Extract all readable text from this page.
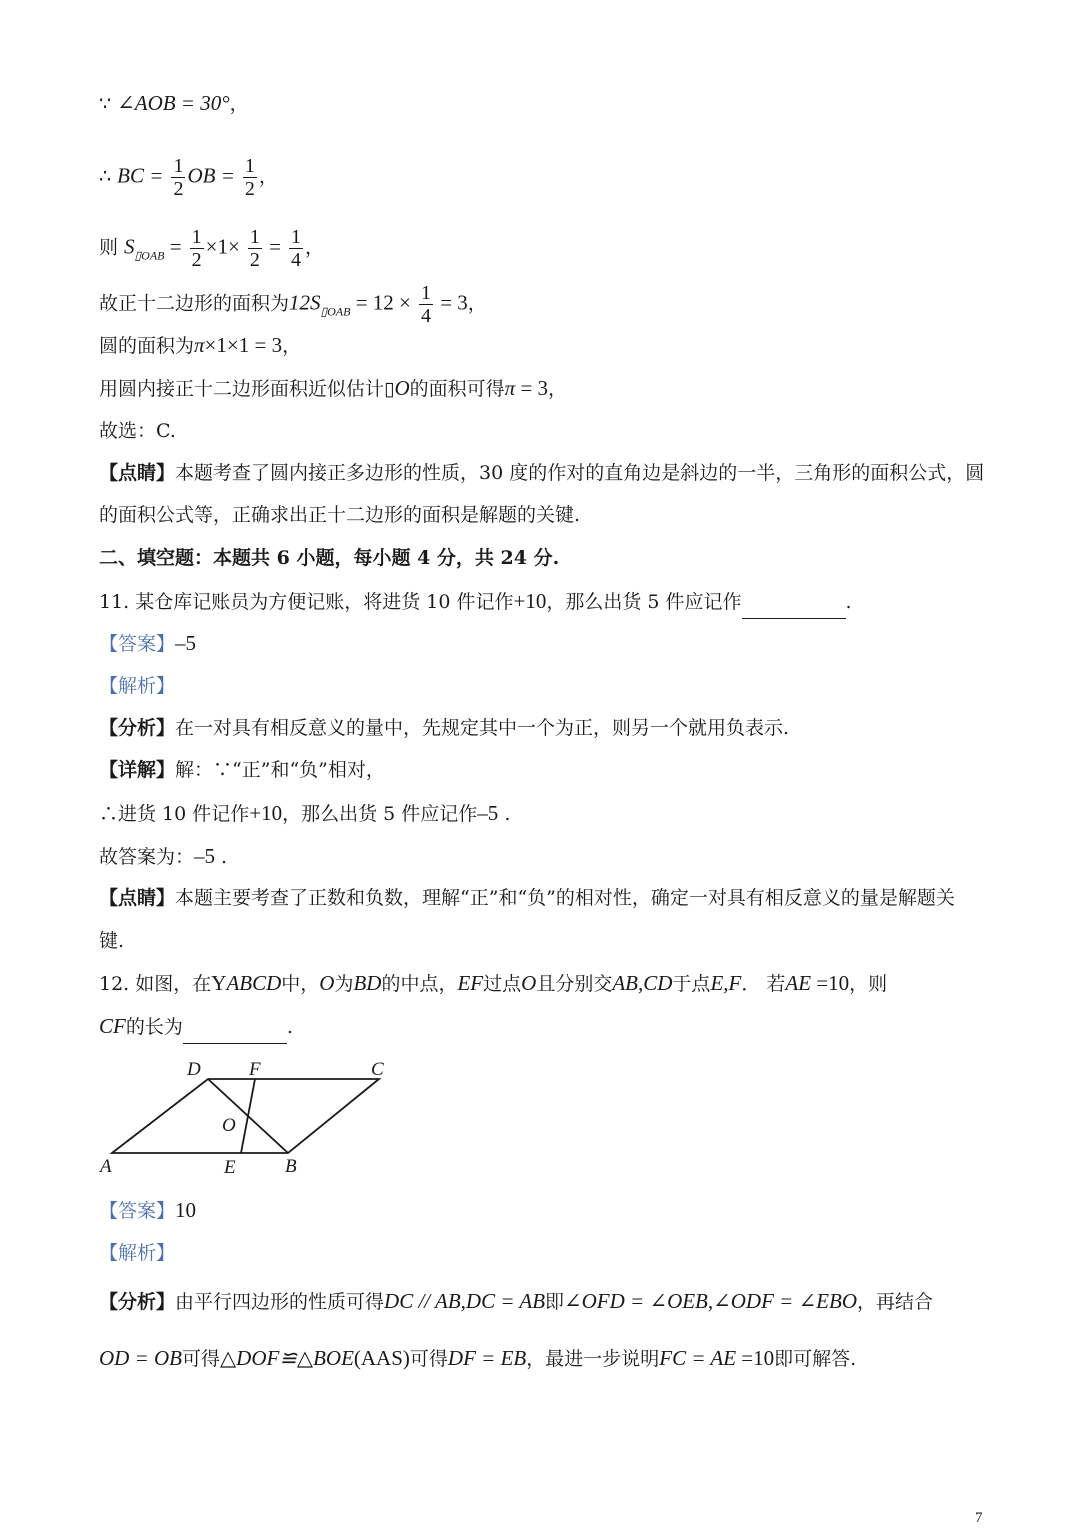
∵ ∠AOB = 30°，
∴ BC = $\frac{1}{2}$ OB = $\frac{1}{2}$ ，
则 $S_{▯OAB} = \frac{1}{2} \times 1\times \frac{1}{2} = \frac{1}{4}$ ，
故正十二边形的面积为$12S_{▯OAB} = 12 \times \frac{1}{4} = 3$，
圆的面积为π×1×1 = 3，
用圆内接正十二边形面积近似估计▯O的面积可得π = 3，
故选：C.
【点睛】本题考查了圆内接正多边形的性质，30 度的作对的直角边是斜边的一半，三角形的面积公式，圆
的面积公式等，正确求出正十二边形的面积是解题的关键.
二、填空题：本题共 6 小题，每小题 4 分，共 24 分.
11. 某仓库记账员为方便记账，将进货 10 件记作+10，那么出货 5 件应记作	.
【答案】–5
【解析】
【分析】在一对具有相反意义的量中，先规定其中一个为正，则另一个就用负表示.
【详解】解：∵“正”和“负”相对，
∴进货 10 件记作+10，那么出货 5 件应记作–5 .
故答案为：–5 .
【点睛】本题主要考查了正数和负数，理解“正”和“负”的相对性，确定一对具有相反意义的量是解题关
键.
12. 如图，在YABCD中，O为BD的中点，EF过点O且分别交AB,CD于点E,F． 若AE =10，则
CF的长为	.
D	F	C
O
A	E	B
【答案】10
【解析】
【分析】由平行四边形的性质可得DC // AB,DC = AB即∠OFD = ∠OEB,∠ODF = ∠EBO，再结合
OD = OB可得△DOF≌△BOE(AAS)可得DF = EB，最进一步说明FC = AE =10即可解答.
7
